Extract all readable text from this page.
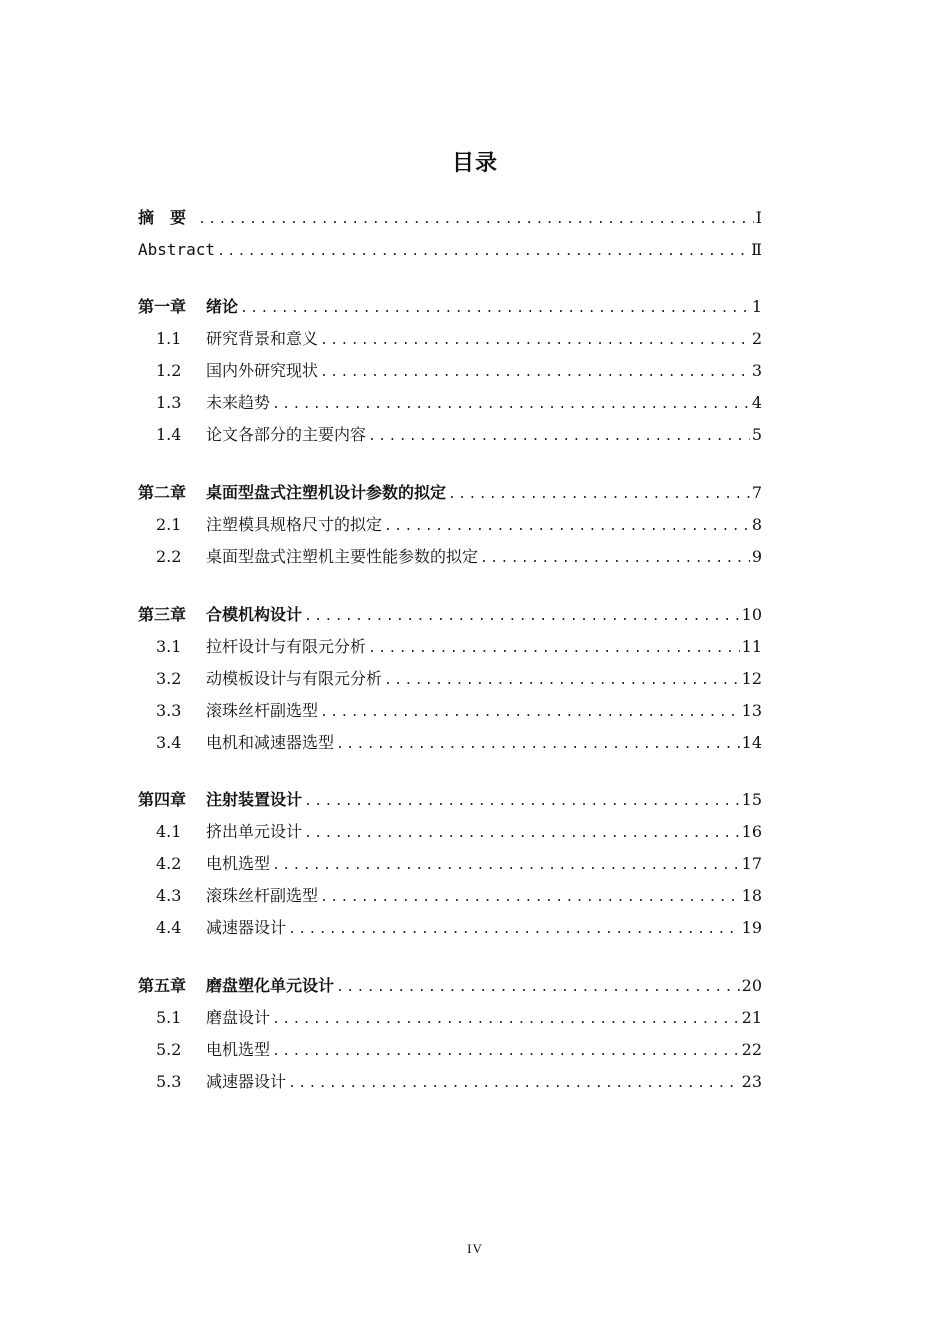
目录
摘　要 .....	Ⅰ
Abstract .....	Ⅱ
第一章	绪论 .....	1
1.1	研究背景和意义 .....	2
1.2	国内外研究现状 .....	3
1.3	未来趋势 .....	4
1.4	论文各部分的主要内容 .....	5
第二章	桌面型盘式注塑机设计参数的拟定 .....	7
2.1	注塑模具规格尺寸的拟定 .....	8
2.2	桌面型盘式注塑机主要性能参数的拟定 .....	9
第三章	合模机构设计 .....	10
3.1	拉杆设计与有限元分析 .....	11
3.2	动模板设计与有限元分析 .....	12
3.3	滚珠丝杆副选型 .....	13
3.4	电机和减速器选型 .....	14
第四章	注射装置设计 .....	15
4.1	挤出单元设计 .....	16
4.2	电机选型 .....	17
4.3	滚珠丝杆副选型 .....	18
4.4	减速器设计 .....	19
第五章	磨盘塑化单元设计 .....	20
5.1	磨盘设计 .....	21
5.2	电机选型 .....	22
5.3	减速器设计 .....	23
IV
